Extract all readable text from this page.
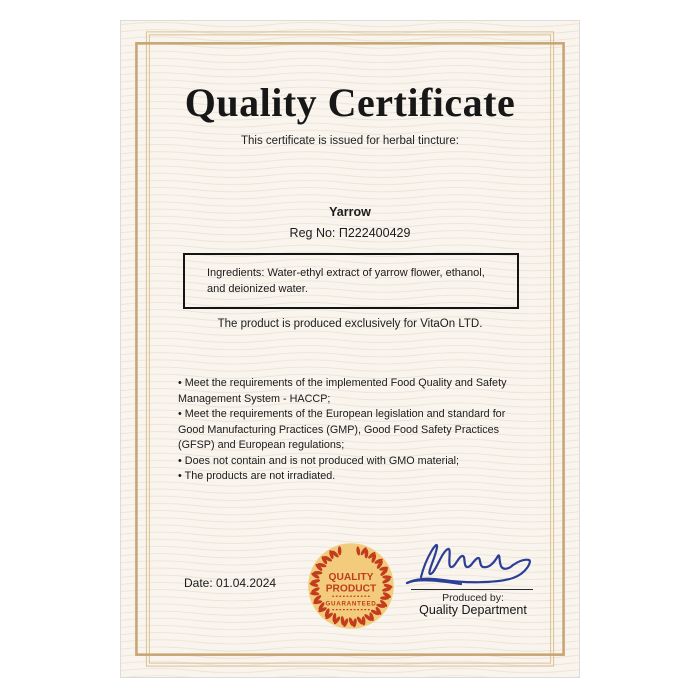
Quality Certificate
This certificate is issued for herbal tincture:
Yarrow
Reg No: П222400429
Ingredients: Water-ethyl extract of yarrow flower, ethanol,
and deionized water.
The product is produced exclusively for VitaOn LTD.
• Meet the requirements of the implemented Food Quality and Safety Management System - HACCP;
• Meet the requirements of the European legislation and standard for Good Manufacturing Practices (GMP), Good Food Safety Practices (GFSP) and European regulations;
• Does not contain and is not produced with GMO material;
• The products are not irradiated.
Date: 01.04.2024	QUALITY
PRODUCT
GUARANTEED
Produced by:
Quality Department
